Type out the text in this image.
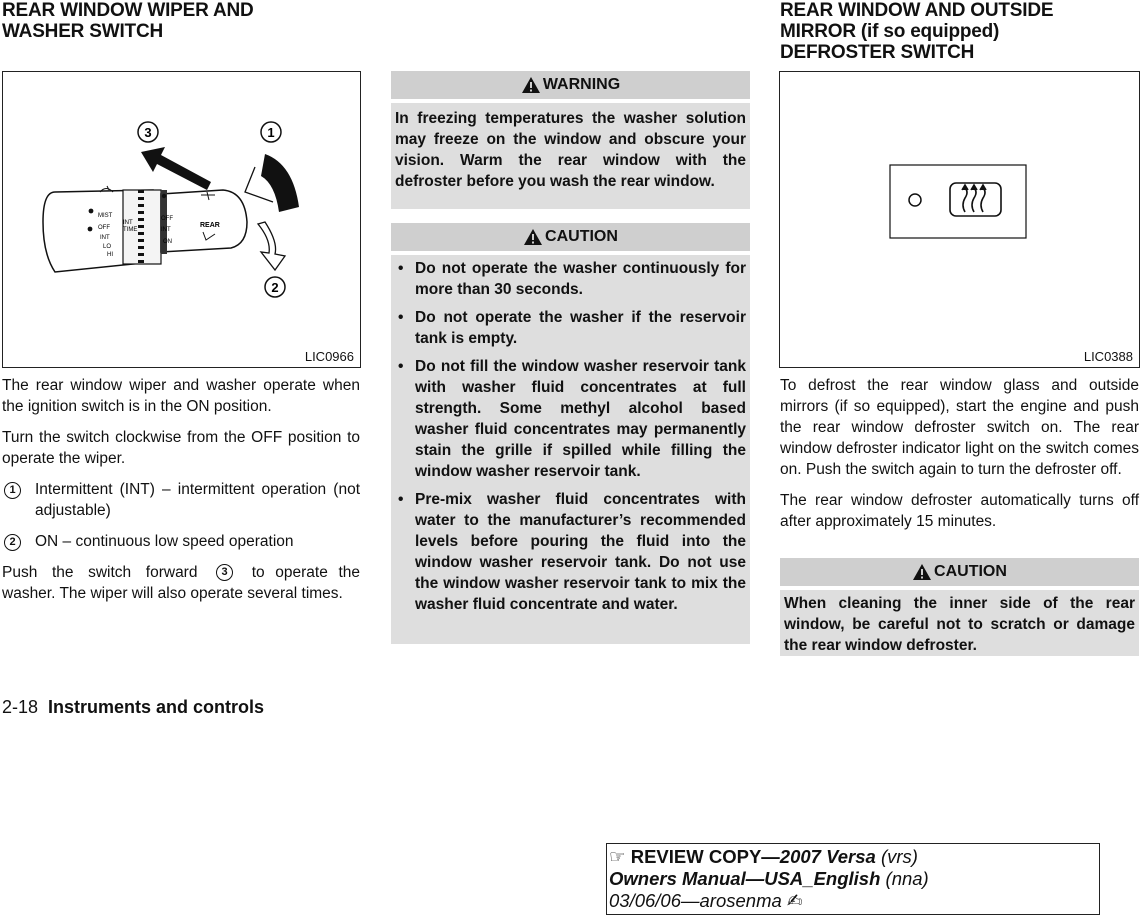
REAR WINDOW WIPER AND
WASHER SWITCH
MIST
OFF
INT
LO
HI
INT
TIME
OFF
INT
ON
REAR
3	1
2
LIC0966

The rear window wiper and washer operate when the ignition switch is in the ON position.

Turn the switch clockwise from the OFF position to operate the wiper.

1	Intermittent (INT) – intermittent operation (not adjustable)
2	ON – continuous low speed operation

Push the switch forward 3 to operate the washer. The wiper will also operate several times.

WARNING
In freezing temperatures the washer solution may freeze on the window and obscure your vision. Warm the rear window with the defroster before you wash the rear window.
CAUTION
• Do not operate the washer continuously for more than 30 seconds.
• Do not operate the washer if the reservoir tank is empty.
• Do not fill the window washer reservoir tank with washer fluid concentrates at full strength. Some methyl alcohol based washer fluid concentrates may permanently stain the grille if spilled while filling the window washer reservoir tank.
• Pre-mix washer fluid concentrates with water to the manufacturer’s recommended levels before pouring the fluid into the window washer reservoir tank. Do not use the window washer reservoir tank to mix the washer fluid concentrate and water.
REAR WINDOW AND OUTSIDE
MIRROR (if so equipped)
DEFROSTER SWITCH
LIC0388

To defrost the rear window glass and outside mirrors (if so equipped), start the engine and push the rear window defroster switch on. The rear window defroster indicator light on the switch comes on. Push the switch again to turn the defroster off.

The rear window defroster automatically turns off after approximately 15 minutes.

CAUTION
When cleaning the inner side of the rear window, be careful not to scratch or damage the rear window defroster.
2-18 Instruments and controls
☞ REVIEW COPY—2007 Versa (vrs)
Owners Manual—USA_English (nna)
03/06/06—arosenma ✍
